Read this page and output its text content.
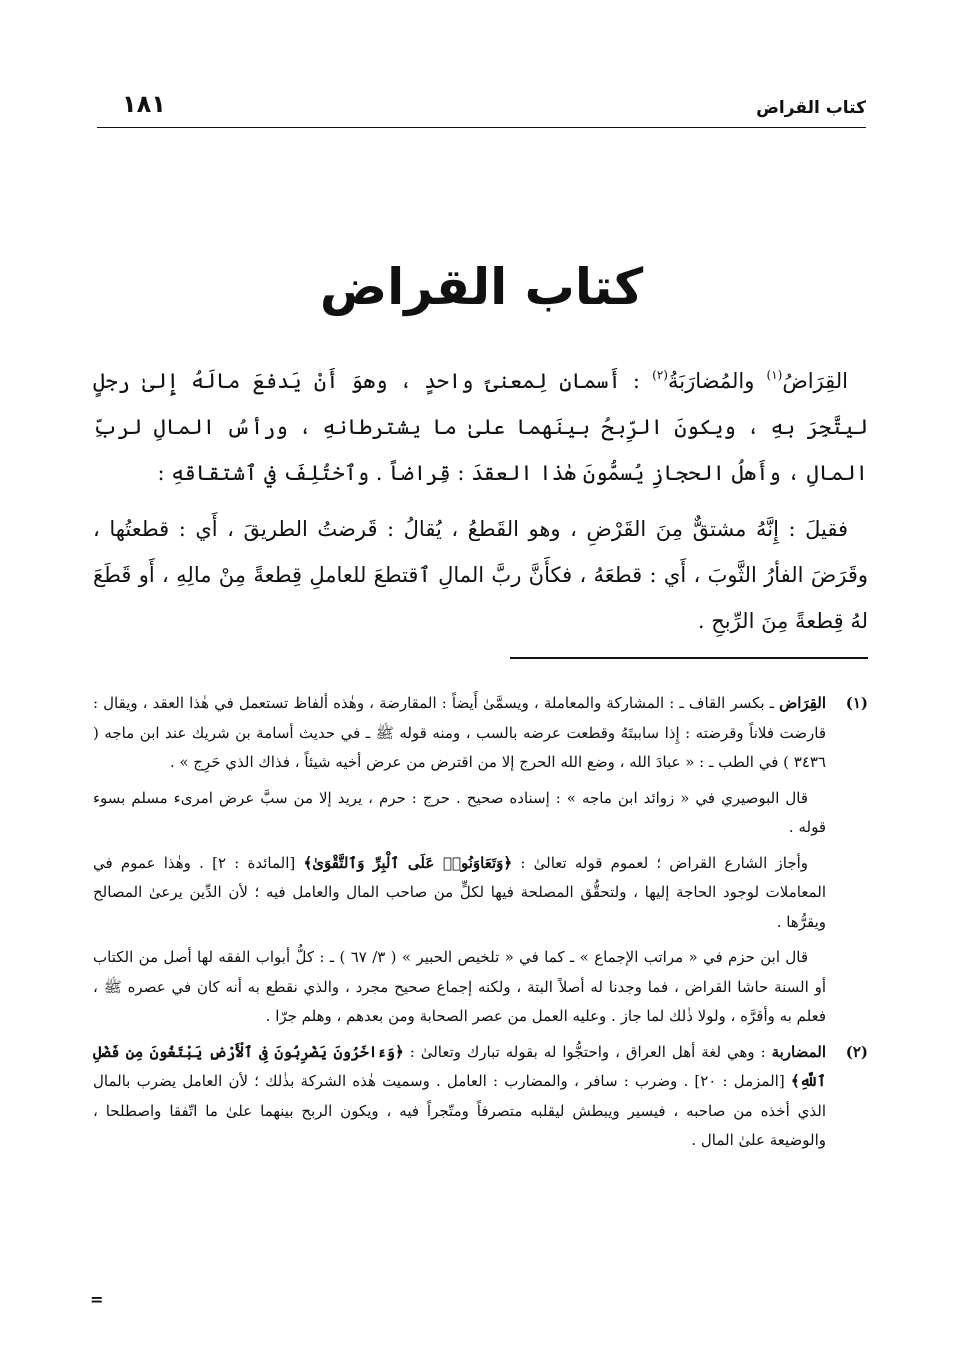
كتاب القراض
١٨١
كتاب القراض

القِرَاضُ$^{(١)}$ والمُضارَبَةُ$^{(٢)}$ : أَسمانِ لِمعنىً واحدٍ ، وهوَ أَنْ يَدفعَ مالَهُ إِلىٰ رجلٍ ليتَّجِرَ بهِ ، ويكونَ الرِّبحُ بينَهما علىٰ ما يشترطانهِ ، ورأسُ المالِ لربِّ المالِ ، وأَهلُ الحجازِ يُسمُّونَ هٰذا العقدَ : قِراضاً . وٱختُلِفَ في ٱشتقاقهِ :

فقيلَ : إِنَّهُ مشتقٌّ مِنَ القَرْضِ ، وهو القَطعُ ، يُقالُ : قَرضتُ الطريقَ ، أَي : قطعتُها ، وقَرَضَ الفأرُ الثَّوبَ ، أَي : قطعَهُ ، فكأَنَّ ربَّ المالِ ٱقتطعَ للعاملِ قِطعةً مِنْ مالِهِ ، أَو قَطَعَ لهُ قِطعةً مِنَ الرِّبحِ .

(١)

القِرَاض ـ بكسر القاف ـ : المشاركة والمعاملة ، ويسمَّىٰ أَيضاً : المقارضة ، وهٰذه ألفاظ تستعمل في هٰذا العقد ، ويقال : قارضت فلاناً وقرضته : إِذا ساببتَهُ وقطعت عرضه بالسب ، ومنه قوله ﷺ ـ في حديث أسامة بن شريك عند ابن ماجه ( ٣٤٣٦ ) في الطب ـ : « عبادَ الله ، وضع الله الحرج إلا من اقترض من عرض أخيه شيئاً ، فذاك الذي حَرِج » .

قال البوصيري في « زوائد ابن ماجه » : إسناده صحيح . حرج : حرم ، يريد إلا من سبَّ عرض امرىء مسلم بسوء قوله .

وأجاز الشارع القراض ؛ لعموم قوله تعالىٰ : ﴿وَتَعَاوَنُوا۟ عَلَى ٱلْبِرِّ وَٱلتَّقْوَىٰ﴾ [المائدة : ٢] . وهٰذا عموم في المعاملات لوجود الحاجة إليها ، ولتحقُّق المصلحة فيها لكلٍّ من صاحب المال والعامل فيه ؛ لأن الدِّين يرعىٰ المصالح ويقرُّها .

قال ابن حزم في « مراتب الإجماع » ـ كما في « تلخيص الحبير » ( ٣/ ٦٧ ) ـ : كلُّ أبواب الفقه لها أصل من الكتاب أو السنة حاشا القراض ، فما وجدنا له أصلاً البتة ، ولكنه إجماع صحيح مجرد ، والذي نقطع به أنه كان في عصره ﷺ ، فعلم به وأقرَّه ، ولولا ذٰلك لما جاز . وعليه العمل من عصر الصحابة ومن بعدهم ، وهلم جرّا .

(٢)

المضاربة : وهي لغة أهل العراق ، واحتجُّوا له بقوله تبارك وتعالىٰ : ﴿وَءَاخَرُونَ يَضْرِبُونَ فِى ٱلْأَرْضِ يَبْتَغُونَ مِن فَضْلِ ٱللَّهِ﴾ [المزمل : ٢٠] . وضرب : سافر ، والمضارب : العامل . وسميت هٰذه الشركة بذٰلك ؛ لأن العامل يضرب بالمال الذي أخذه من صاحبه ، فيسير ويبطش ليقلبه متصرفاً ومتّجراً فيه ، ويكون الربح بينهما علىٰ ما اتّفقا واصطلحا ، والوضيعة علىٰ المال .

=
